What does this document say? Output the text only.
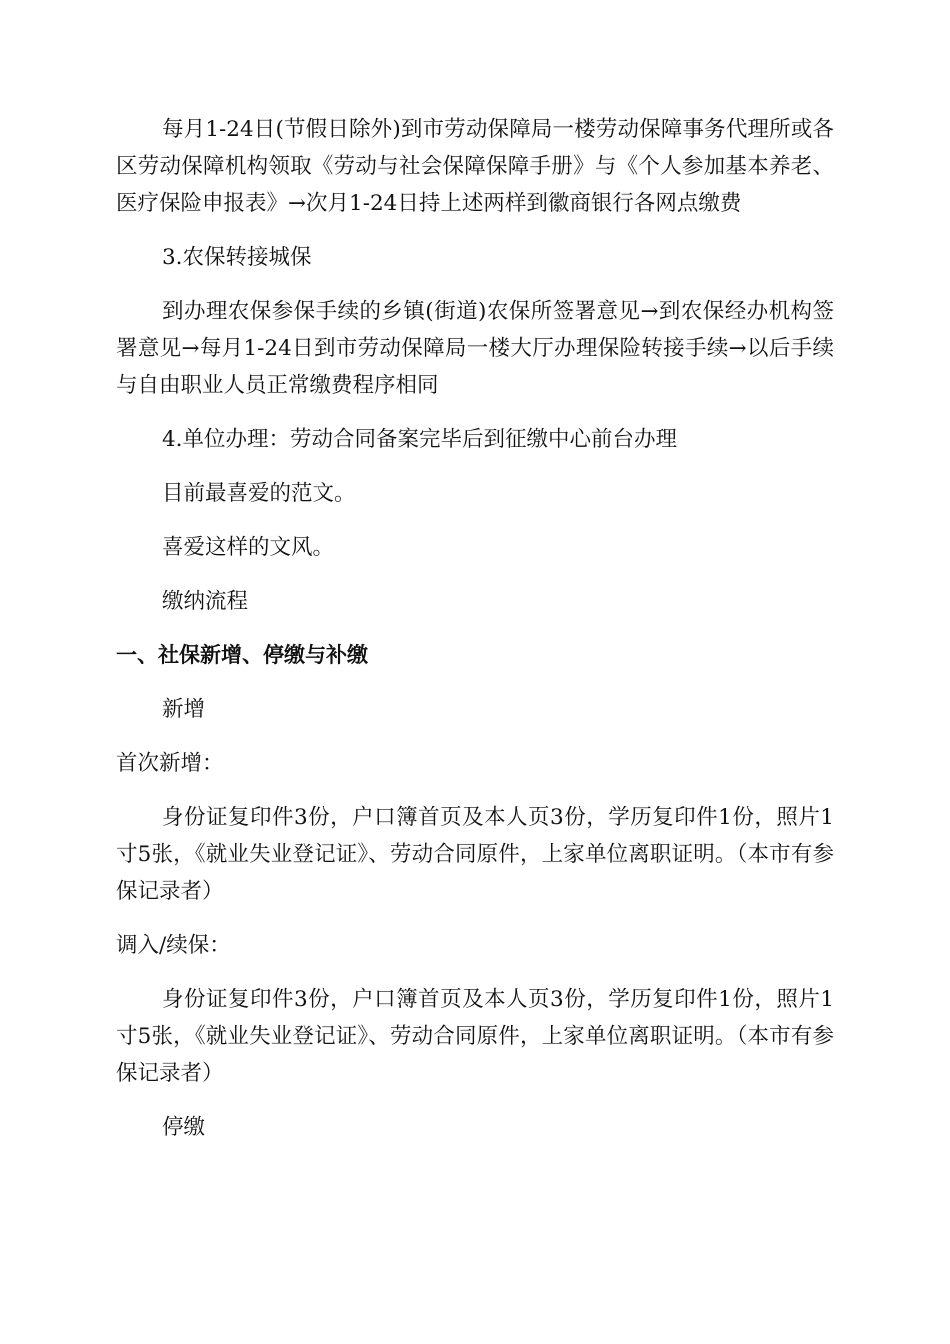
每月1-24日(节假日除外)到市劳动保障局一楼劳动保障事务代理所或各区劳动保障机构领取《劳动与社会保障保障手册》与《个人参加基本养老、医疗保险申报表》→次月1-24日持上述两样到徽商银行各网点缴费

3.农保转接城保

到办理农保参保手续的乡镇(街道)农保所签署意见→到农保经办机构签署意见→每月1-24日到市劳动保障局一楼大厅办理保险转接手续→以后手续与自由职业人员正常缴费程序相同

4.单位办理：劳动合同备案完毕后到征缴中心前台办理

目前最喜爱的范文。

喜爱这样的文风。

缴纳流程

一、社保新增、停缴与补缴

新增

首次新增：

身份证复印件3份，户口簿首页及本人页3份，学历复印件1份，照片1寸5张，《就业失业登记证》、劳动合同原件，上家单位离职证明。（本市有参保记录者）

调入/续保：

身份证复印件3份，户口簿首页及本人页3份，学历复印件1份，照片1寸5张，《就业失业登记证》、劳动合同原件，上家单位离职证明。（本市有参保记录者）

停缴
